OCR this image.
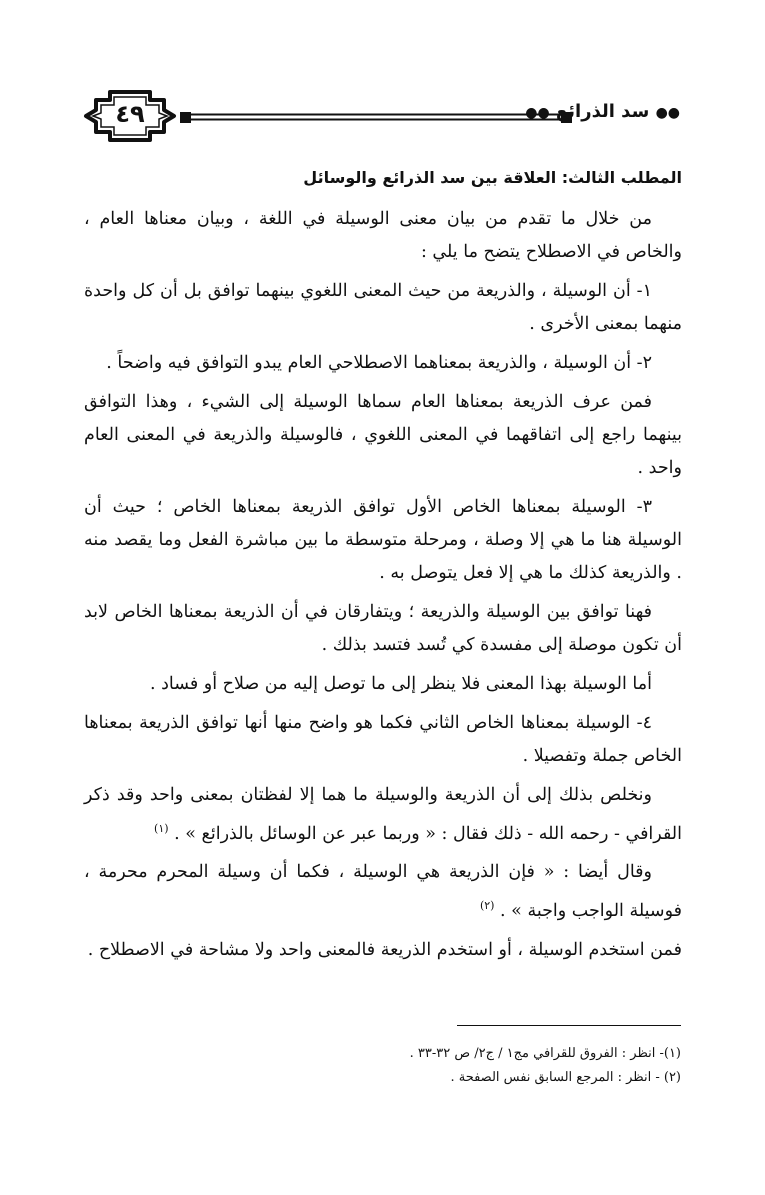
٤٩	●● سد الذرائع ●●
المطلب الثالث: العلاقة بين سد الذرائع والوسائل

من خلال ما تقدم من بيان معنى الوسيلة في اللغة ، وبيان معناها العام ، والخاص في الاصطلاح يتضح ما يلي :

١- أن الوسيلة ، والذريعة من حيث المعنى اللغوي بينهما توافق بل أن كل واحدة منهما بمعنى الأخرى .

٢- أن الوسيلة ، والذريعة بمعناهما الاصطلاحي العام يبدو التوافق فيه واضحاً .

فمن عرف الذريعة بمعناها العام سماها الوسيلة إلى الشيء ، وهذا التوافق بينهما راجع إلى اتفاقهما في المعنى اللغوي ، فالوسيلة والذريعة في المعنى العام واحد .

٣- الوسيلة بمعناها الخاص الأول توافق الذريعة بمعناها الخاص ؛ حيث أن الوسيلة هنا ما هي إلا وصلة ، ومرحلة متوسطة ما بين مباشرة الفعل وما يقصد منه . والذريعة كذلك ما هي إلا فعل يتوصل به .

فهنا توافق بين الوسيلة والذريعة ؛ ويتفارقان في أن الذريعة بمعناها الخاص لابد أن تكون موصلة إلى مفسدة كي تُسد فتسد بذلك .

أما الوسيلة بهذا المعنى فلا ينظر إلى ما توصل إليه من صلاح أو فساد .

٤- الوسيلة بمعناها الخاص الثاني فكما هو واضح منها أنها توافق الذريعة بمعناها الخاص جملة وتفصيلا .

ونخلص بذلك إلى أن الذريعة والوسيلة ما هما إلا لفظتان بمعنى واحد وقد ذكر القرافي - رحمه الله - ذلك فقال : « وربما عبر عن الوسائل بالذرائع » . $^{(١)}$

وقال أيضا : « فإن الذريعة هي الوسيلة ، فكما أن وسيلة المحرم محرمة ، فوسيلة الواجب واجبة » . $^{(٢)}$

فمن استخدم الوسيلة ، أو استخدم الذريعة فالمعنى واحد ولا مشاحة في الاصطلاح .

(١)- انظر : الفروق للقرافي مج١ / ج٢/ ص ٣٢-٣٣ .
(٢) - انظر : المرجع السابق نفس الصفحة .
